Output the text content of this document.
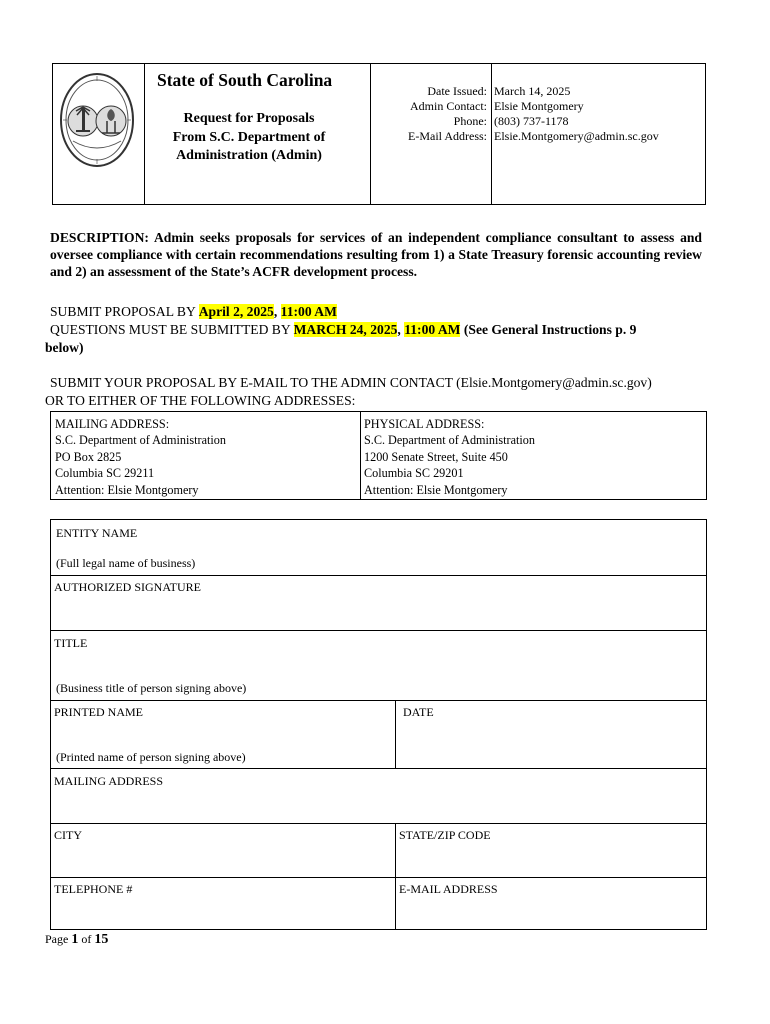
State of South Carolina
Request for Proposals
From S.C. Department of
Administration (Admin)
Date Issued:
Admin Contact:
Phone:
E-Mail Address:
March 14, 2025
Elsie Montgomery
(803) 737-1178
Elsie.Montgomery@admin.sc.gov
DESCRIPTION: Admin seeks proposals for services of an independent compliance consultant to assess and oversee compliance with certain recommendations resulting from 1) a State Treasury forensic accounting review and 2) an assessment of the State’s ACFR development process.
SUBMIT PROPOSAL BY April 2, 2025, 11:00 AM
QUESTIONS MUST BE SUBMITTED BY MARCH 24, 2025, 11:00 AM (See General Instructions p. 9
below)
SUBMIT YOUR PROPOSAL BY E-MAIL TO THE ADMIN CONTACT (Elsie.Montgomery@admin.sc.gov)
OR TO EITHER OF THE FOLLOWING ADDRESSES:
MAILING ADDRESS:
S.C. Department of Administration
PO Box 2825
Columbia SC 29211
Attention: Elsie Montgomery
PHYSICAL ADDRESS:
S.C. Department of Administration
1200 Senate Street, Suite 450
Columbia SC 29201
Attention: Elsie Montgomery
ENTITY NAME
(Full legal name of business)
AUTHORIZED SIGNATURE
TITLE
(Business title of person signing above)
PRINTED NAME
(Printed name of person signing above)
DATE
MAILING ADDRESS
CITY	STATE/ZIP CODE
TELEPHONE #	E-MAIL ADDRESS
Page 1 of 15
